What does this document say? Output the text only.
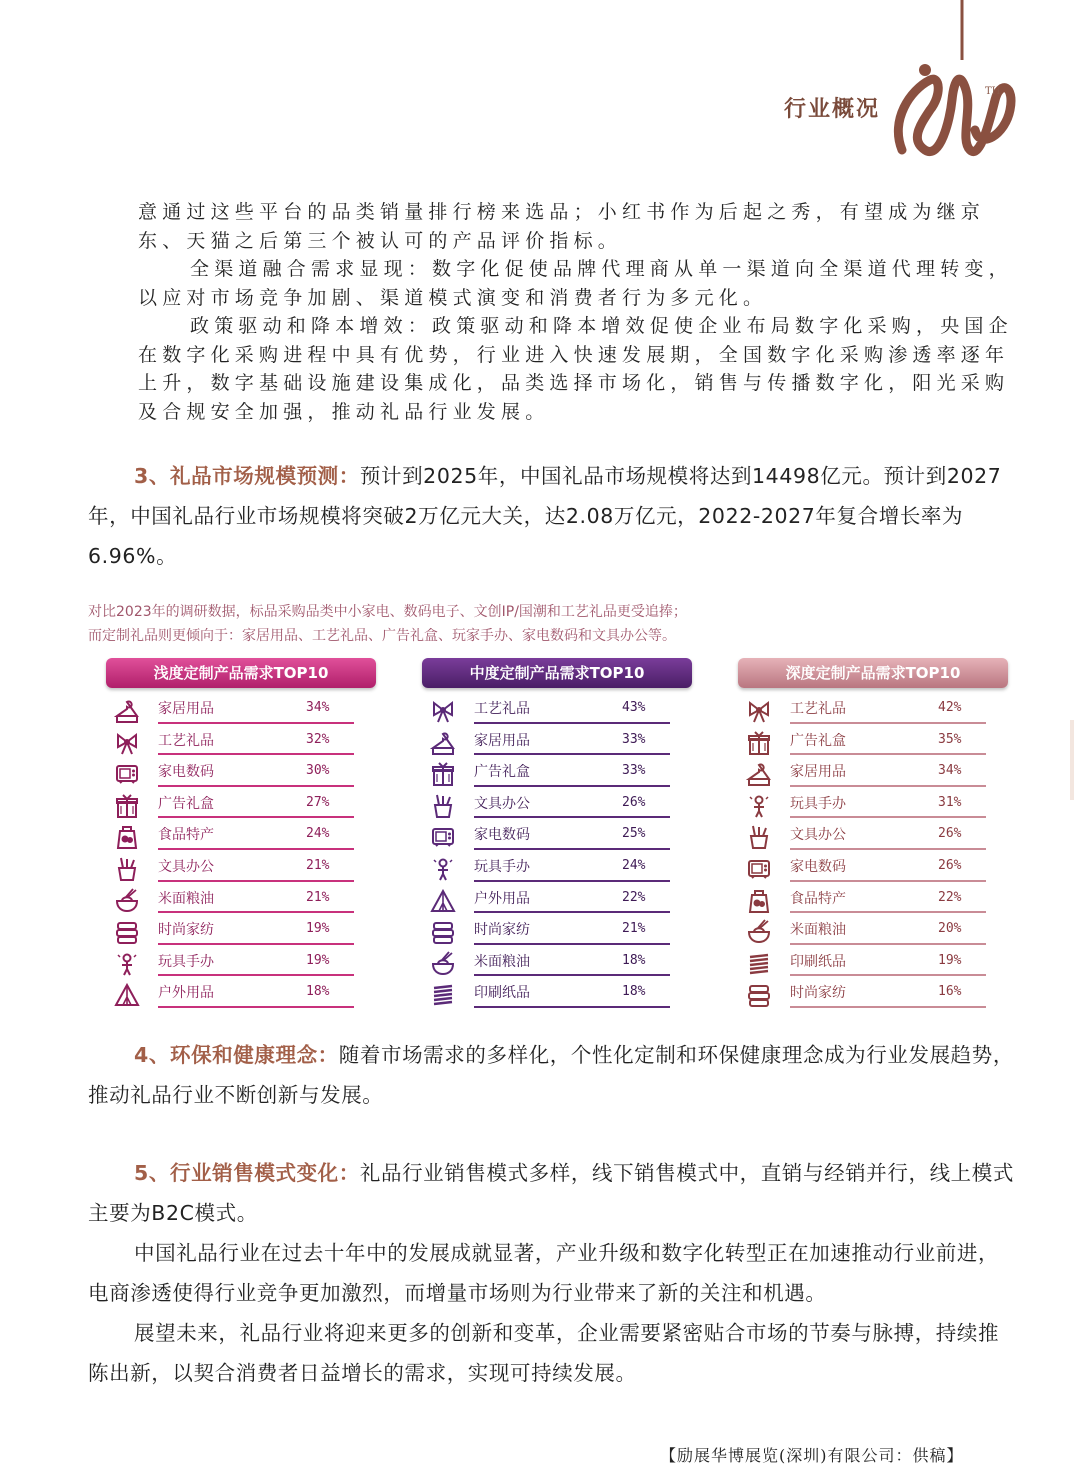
行业概况
TH

意通过这些平台的品类销量排行榜来选品；小红书作为后起之秀，有望成为继京东、天猫之后第三个被认可的产品评价指标。

全渠道融合需求显现：数字化促使品牌代理商从单一渠道向全渠道代理转变，以应对市场竞争加剧、渠道模式演变和消费者行为多元化。

政策驱动和降本增效：政策驱动和降本增效促使企业布局数字化采购，央国企在数字化采购进程中具有优势，行业进入快速发展期，全国数字化采购渗透率逐年上升，数字基础设施建设集成化，品类选择市场化，销售与传播数字化，阳光采购及合规安全加强，推动礼品行业发展。

3、礼品市场规模预测：预计到2025年，中国礼品市场规模将达到14498亿元。预计到2027年，中国礼品行业市场规模将突破2万亿元大关，达2.08万亿元，2022-2027年复合增长率为6.96%。

对比2023年的调研数据，标品采购品类中小家电、数码电子、文创IP/国潮和工艺礼品更受追捧；
而定制礼品则更倾向于：家居用品、工艺礼品、广告礼盒、玩家手办、家电数码和文具办公等。

浅度定制产品需求TOP10
家居用品	34%
工艺礼品	32%
家电数码	30%
广告礼盒	27%
食品特产	24%
文具办公	21%
米面粮油	21%
时尚家纺	19%
玩具手办	19%
户外用品	18%
中度定制产品需求TOP10
工艺礼品	43%
家居用品	33%
广告礼盒	33%
文具办公	26%
家电数码	25%
玩具手办	24%
户外用品	22%
时尚家纺	21%
米面粮油	18%
印刷纸品	18%
深度定制产品需求TOP10
工艺礼品	42%
广告礼盒	35%
家居用品	34%
玩具手办	31%
文具办公	26%
家电数码	26%
食品特产	22%
米面粮油	20%
印刷纸品	19%
时尚家纺	16%

4、环保和健康理念：随着市场需求的多样化，个性化定制和环保健康理念成为行业发展趋势，推动礼品行业不断创新与发展。

5、行业销售模式变化：礼品行业销售模式多样，线下销售模式中，直销与经销并行，线上模式主要为B2C模式。

中国礼品行业在过去十年中的发展成就显著，产业升级和数字化转型正在加速推动行业前进，电商渗透使得行业竞争更加激烈，而增量市场则为行业带来了新的关注和机遇。

展望未来，礼品行业将迎来更多的创新和变革，企业需要紧密贴合市场的节奏与脉搏，持续推陈出新，以契合消费者日益增长的需求，实现可持续发展。

【励展华博展览(深圳)有限公司：供稿】
